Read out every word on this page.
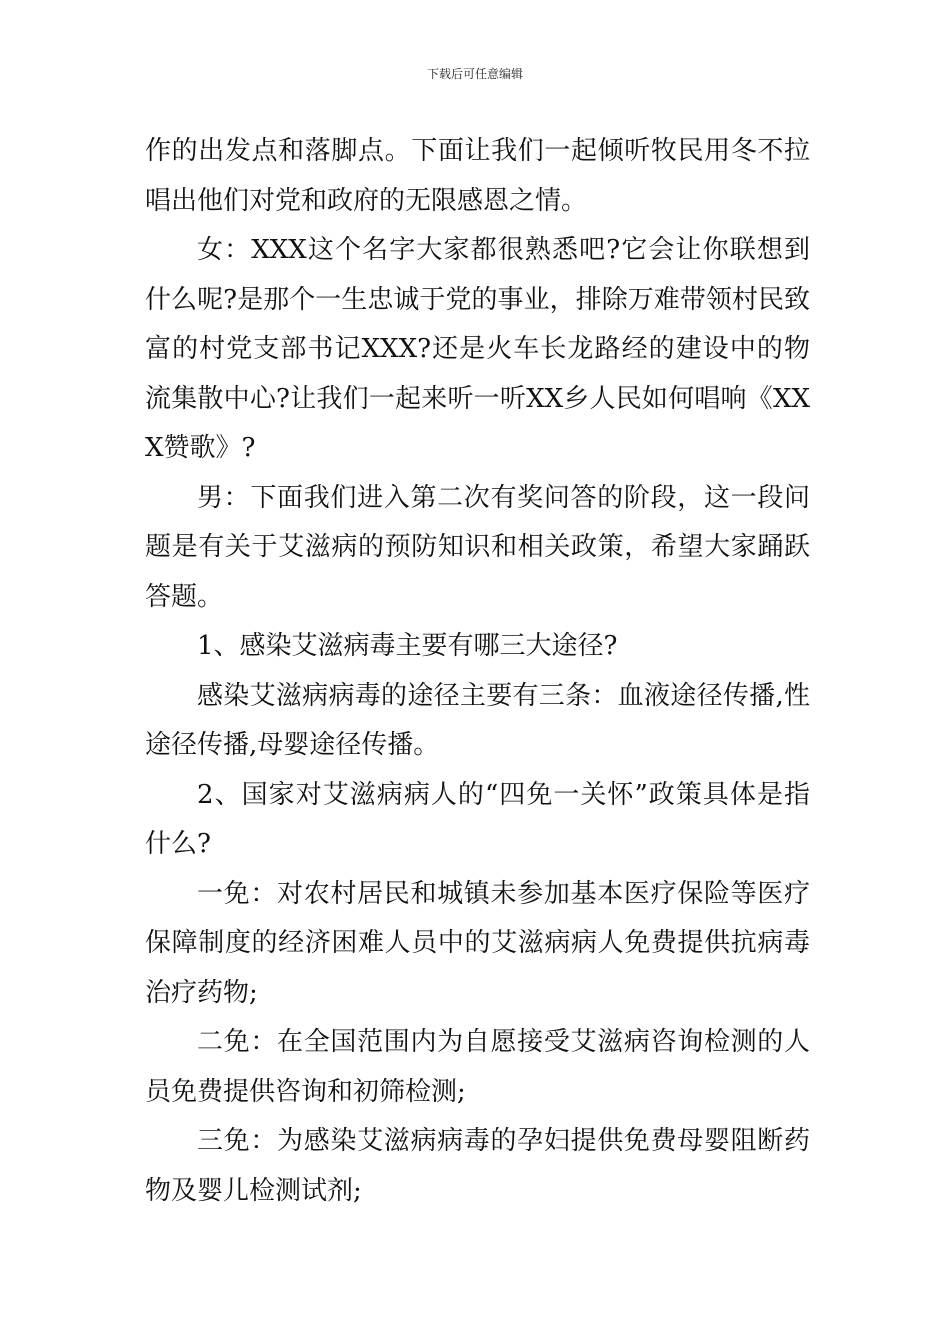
下载后可任意编辑

作的出发点和落脚点。下面让我们一起倾听牧民用冬不拉唱出他们对党和政府的无限感恩之情。

女：XXX这个名字大家都很熟悉吧?它会让你联想到什么呢?是那个一生忠诚于党的事业，排除万难带领村民致富的村党支部书记XXX?还是火车长龙路经的建设中的物流集散中心?让我们一起来听一听XX乡人民如何唱响《XXX赞歌》?

男：下面我们进入第二次有奖问答的阶段，这一段问题是有关于艾滋病的预防知识和相关政策，希望大家踊跃答题。

1、感染艾滋病毒主要有哪三大途径?

感染艾滋病病毒的途径主要有三条：血液途径传播,性途径传播,母婴途径传播。

2、国家对艾滋病病人的“四免一关怀”政策具体是指什么?

一免：对农村居民和城镇未参加基本医疗保险等医疗保障制度的经济困难人员中的艾滋病病人免费提供抗病毒治疗药物;

二免：在全国范围内为自愿接受艾滋病咨询检测的人员免费提供咨询和初筛检测;

三免：为感染艾滋病病毒的孕妇提供免费母婴阻断药物及婴儿检测试剂;
